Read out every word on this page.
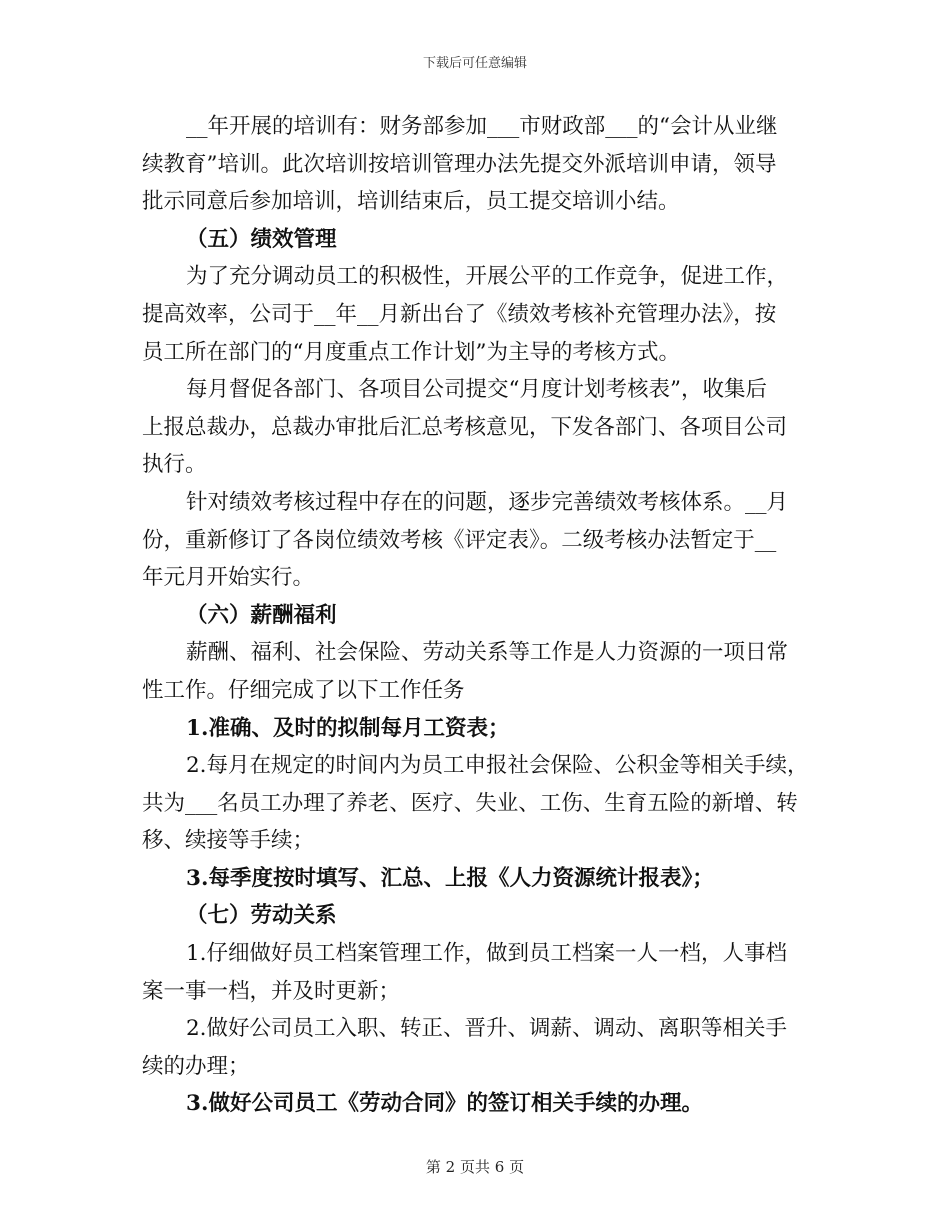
下载后可任意编辑
__年开展的培训有：财务部参加___市财政部___的“会计从业继
续教育”培训。此次培训按培训管理办法先提交外派培训申请，领导
批示同意后参加培训，培训结束后，员工提交培训小结。
（五）绩效管理
为了充分调动员工的积极性，开展公平的工作竞争，促进工作，
提高效率，公司于__年__月新出台了《绩效考核补充管理办法》，按
员工所在部门的“月度重点工作计划”为主导的考核方式。
每月督促各部门、各项目公司提交“月度计划考核表”，收集后
上报总裁办，总裁办审批后汇总考核意见，下发各部门、各项目公司
执行。
针对绩效考核过程中存在的问题，逐步完善绩效考核体系。__月
份，重新修订了各岗位绩效考核《评定表》。二级考核办法暂定于__
年元月开始实行。
（六）薪酬福利
薪酬、福利、社会保险、劳动关系等工作是人力资源的一项日常
性工作。仔细完成了以下工作任务
1.准确、及时的拟制每月工资表；
2.每月在规定的时间内为员工申报社会保险、公积金等相关手续，
共为___名员工办理了养老、医疗、失业、工伤、生育五险的新增、转
移、续接等手续；
3.每季度按时填写、汇总、上报《人力资源统计报表》；
（七）劳动关系
1.仔细做好员工档案管理工作，做到员工档案一人一档，人事档
案一事一档，并及时更新；
2.做好公司员工入职、转正、晋升、调薪、调动、离职等相关手
续的办理；
3.做好公司员工《劳动合同》的签订相关手续的办理。
第 2 页共 6 页
